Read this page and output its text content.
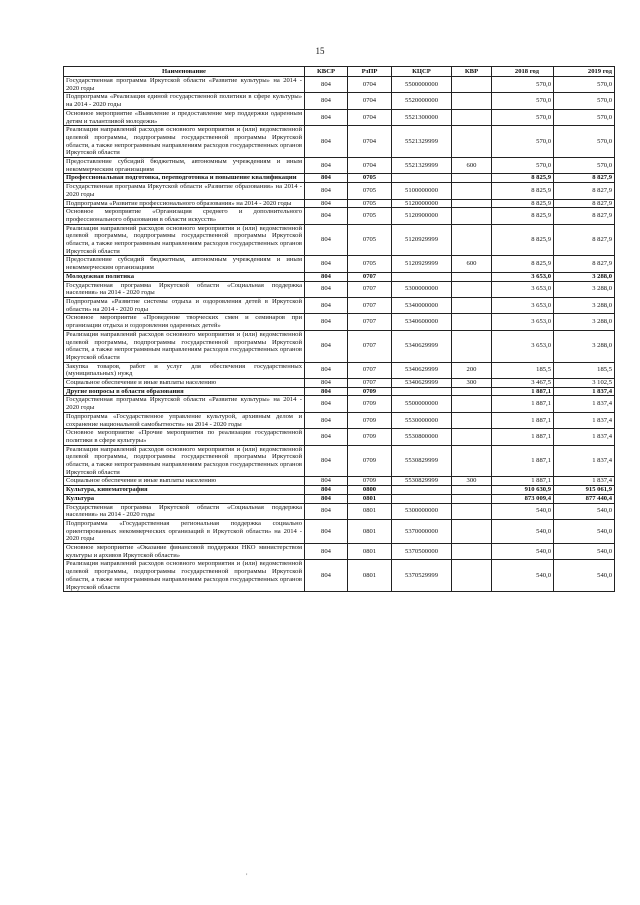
15
Наименование	КВСР	РзПР	КЦСР	КВР	2018 год	2019 год
Государственная программа Иркутской области «Развитие культуры» на 2014 - 2020 годы	804	0704	5500000000		570,0	570,0
Подпрограмма «Реализация единой государственной политики в сфере культуры» на 2014 - 2020 годы	804	0704	5520000000		570,0	570,0
Основное мероприятие «Выявление и предоставление мер поддержки одаренным детям и талантливой молодежи»	804	0704	5521300000		570,0	570,0
Реализация направлений расходов основного мероприятия и (или) ведомственной целевой программы, подпрограммы государственной программы Иркутской области, а также непрограммным направлениям расходов государственных органов Иркутской области	804	0704	5521329999		570,0	570,0
Предоставление субсидий бюджетным, автономным учреждениям и иным некоммерческим организациям	804	0704	5521329999	600	570,0	570,0
Профессиональная подготовка, переподготовка и повышение квалификации	804	0705			8 825,9	8 827,9
Государственная программа Иркутской области «Развитие образования» на 2014 - 2020 годы	804	0705	5100000000		8 825,9	8 827,9
Подпрограмма «Развитие профессионального образования» на 2014 - 2020 годы	804	0705	5120000000		8 825,9	8 827,9
Основное мероприятие «Организация среднего и дополнительного профессионального образования в области искусств»	804	0705	5120900000		8 825,9	8 827,9
Реализация направлений расходов основного мероприятия и (или) ведомственной целевой программы, подпрограммы государственной программы Иркутской области, а также непрограммным направлениям расходов государственных органов Иркутской области	804	0705	5120929999		8 825,9	8 827,9
Предоставление субсидий бюджетным, автономным учреждениям и иным некоммерческим организациям	804	0705	5120929999	600	8 825,9	8 827,9
Молодежная политика	804	0707			3 653,0	3 288,0
Государственная программа Иркутской области «Социальная поддержка населения» на 2014 - 2020 годы	804	0707	5300000000		3 653,0	3 288,0
Подпрограмма «Развитие системы отдыха и оздоровления детей в Иркутской области» на 2014 - 2020 годы	804	0707	5340000000		3 653,0	3 288,0
Основное мероприятие «Проведение творческих смен и семинаров при организации отдыха и оздоровления одаренных детей»	804	0707	5340600000		3 653,0	3 288,0
Реализация направлений расходов основного мероприятия и (или) ведомственной целевой программы, подпрограммы государственной программы Иркутской области, а также непрограммным направлениям расходов государственных органов Иркутской области	804	0707	5340629999		3 653,0	3 288,0
Закупка товаров, работ и услуг для обеспечения государственных (муниципальных) нужд	804	0707	5340629999	200	185,5	185,5
Социальное обеспечение и иные выплаты населению	804	0707	5340629999	300	3 467,5	3 102,5
Другие вопросы в области образования	804	0709			1 887,1	1 837,4
Государственная программа Иркутской области «Развитие культуры» на 2014 - 2020 годы	804	0709	5500000000		1 887,1	1 837,4
Подпрограмма «Государственное управление культурой, архивным делом и сохранение национальной самобытности» на 2014 - 2020 годы	804	0709	5530000000		1 887,1	1 837,4
Основное мероприятие «Прочие мероприятия по реализации государственной политики в сфере культуры»	804	0709	5530800000		1 887,1	1 837,4
Реализация направлений расходов основного мероприятия и (или) ведомственной целевой программы, подпрограммы государственной программы Иркутской области, а также непрограммным направлениям расходов государственных органов Иркутской области	804	0709	5530829999		1 887,1	1 837,4
Социальное обеспечение и иные выплаты населению	804	0709	5530829999	300	1 887,1	1 837,4
Культура, кинематография	804	0800			910 630,9	915 061,9
Культура	804	0801			873 009,4	877 440,4
Государственная программа Иркутской области «Социальная поддержка населения» на 2014 - 2020 годы	804	0801	5300000000		540,0	540,0
Подпрограмма «Государственная региональная поддержка социально ориентированных некоммерческих организаций в Иркутской области» на 2014 - 2020 годы	804	0801	5370000000		540,0	540,0
Основное мероприятие «Оказание финансовой поддержки НКО министерством культуры и архивов Иркутской области»	804	0801	5370500000		540,0	540,0
Реализация направлений расходов основного мероприятия и (или) ведомственной целевой программы, подпрограммы государственной программы Иркутской области, а также непрограммным направлениям расходов государственных органов Иркутской области	804	0801	5370529999		540,0	540,0
,
